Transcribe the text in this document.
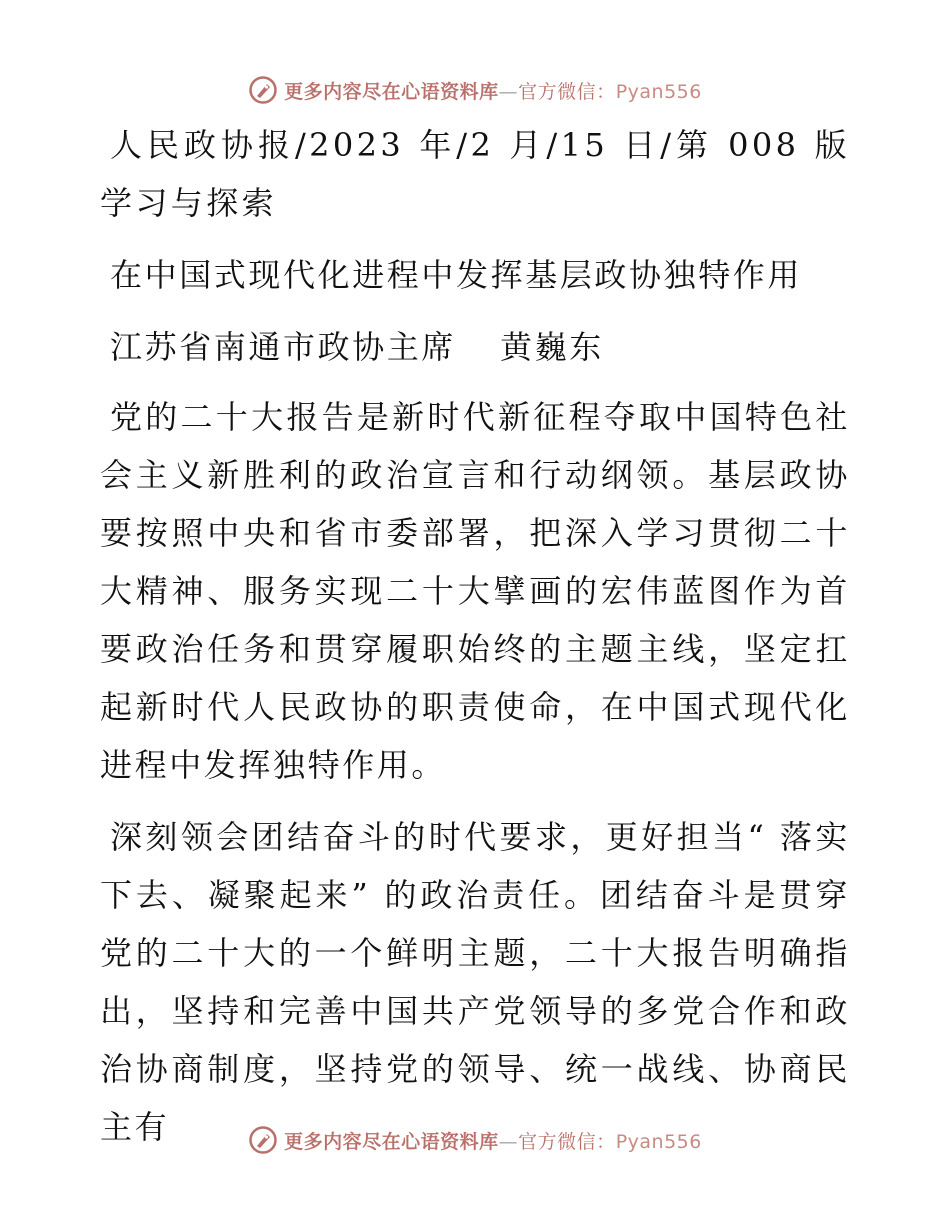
更多内容尽在心语资料库—官方微信：Pyan556

人民政协报/2023 年/2 月/15 日/第 008 版学习与探索

在中国式现代化进程中发挥基层政协独特作用

江苏省南通市政协主席 黄巍东

党的二十大报告是新时代新征程夺取中国特色社会主义新胜利的政治宣言和行动纲领。基层政协要按照中央和省市委部署，把深入学习贯彻二十大精神、服务实现二十大擘画的宏伟蓝图作为首要政治任务和贯穿履职始终的主题主线，坚定扛起新时代人民政协的职责使命，在中国式现代化进程中发挥独特作用。

深刻领会团结奋斗的时代要求，更好担当“ 落实下去、凝聚起来” 的政治责任。团结奋斗是贯穿党的二十大的一个鲜明主题，二十大报告明确指出，坚持和完善中国共产党领导的多党合作和政治协商制度，坚持党的领导、统一战线、协商民主有	更多内容尽在心语资料库—官方微信：Pyan556
